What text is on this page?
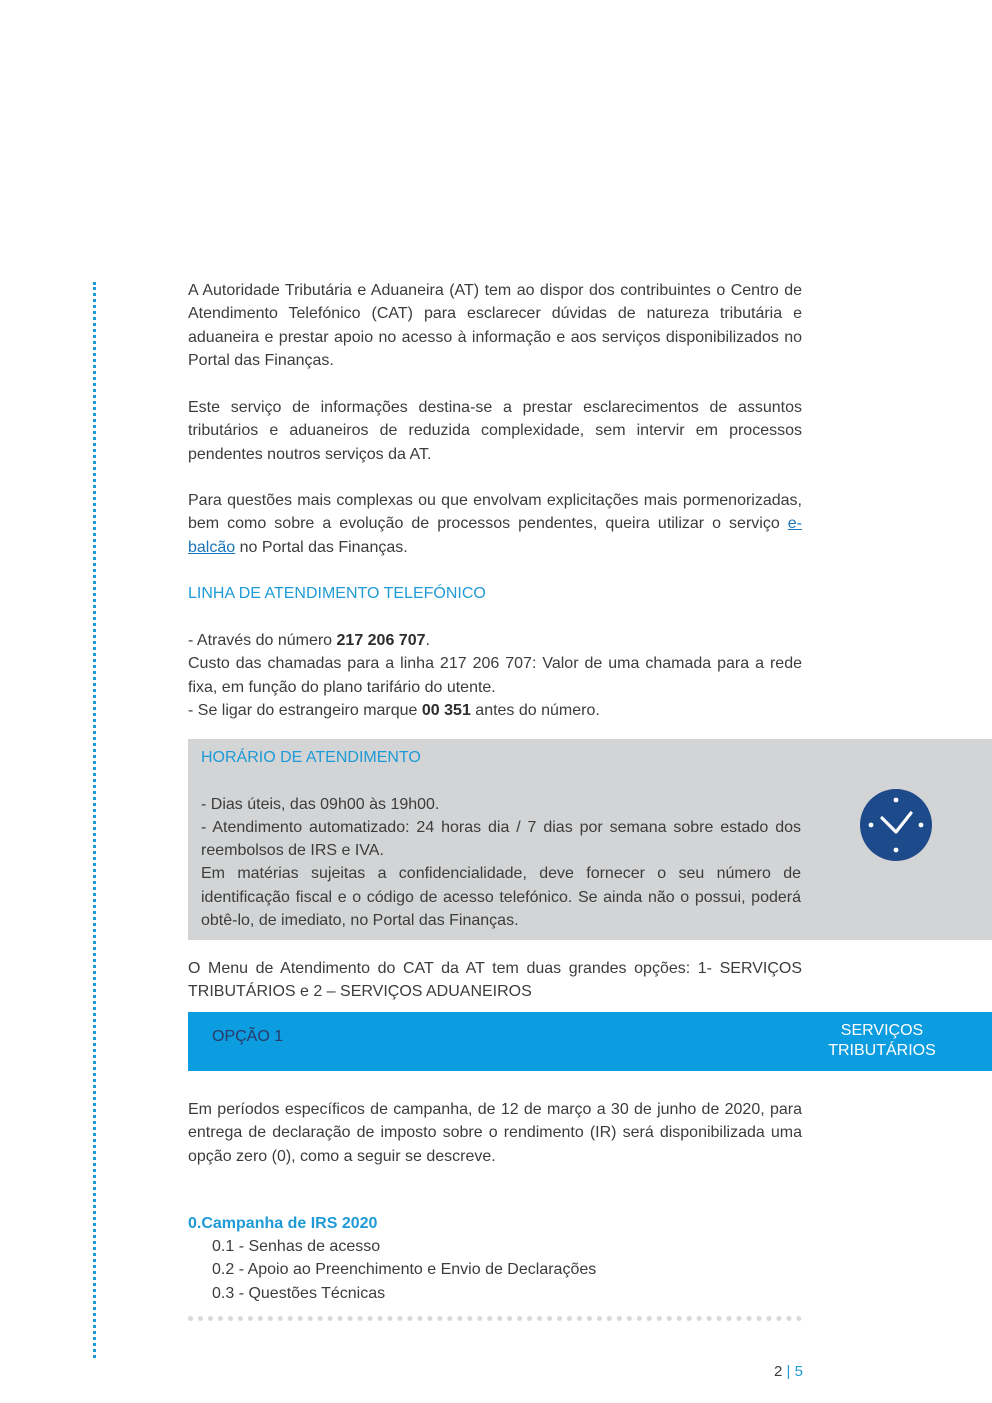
A Autoridade Tributária e Aduaneira (AT) tem ao dispor dos contribuintes o Centro de Atendimento Telefónico (CAT) para esclarecer dúvidas de natureza tributária e aduaneira e prestar apoio no acesso à informação e aos serviços disponibilizados no Portal das Finanças.

Este serviço de informações destina-se a prestar esclarecimentos de assuntos tributários e aduaneiros de reduzida complexidade, sem intervir em processos pendentes noutros serviços da AT.

Para questões mais complexas ou que envolvam explicitações mais pormenorizadas, bem como sobre a evolução de processos pendentes, queira utilizar o serviço e-balcão no Portal das Finanças.

LINHA DE ATENDIMENTO TELEFÓNICO

- Através do número 217 206 707.

Custo das chamadas para a linha 217 206 707: Valor de uma chamada para a rede fixa, em função do plano tarifário do utente.

- Se ligar do estrangeiro marque 00 351 antes do número.

HORÁRIO DE ATENDIMENTO

- Dias úteis, das 09h00 às 19h00.

- Atendimento automatizado: 24 horas dia / 7 dias por semana sobre estado dos reembolsos de IRS e IVA.

Em matérias sujeitas a confidencialidade, deve fornecer o seu número de identificação fiscal e o código de acesso telefónico. Se ainda não o possui, poderá obtê-lo, de imediato, no Portal das Finanças.

O Menu de Atendimento do CAT da AT tem duas grandes opções: 1- SERVIÇOS TRIBUTÁRIOS e 2 – SERVIÇOS ADUANEIROS

OPÇÃO 1	SERVIÇOS
TRIBUTÁRIOS

Em períodos específicos de campanha, de 12 de março a 30 de junho de 2020, para entrega de declaração de imposto sobre o rendimento (IR) será disponibilizada uma opção zero (0), como a seguir se descreve.

0.Campanha de IRS 2020
0.1 - Senhas de acesso
0.2 - Apoio ao Preenchimento e Envio de Declarações
0.3 - Questões Técnicas
2 | 5
